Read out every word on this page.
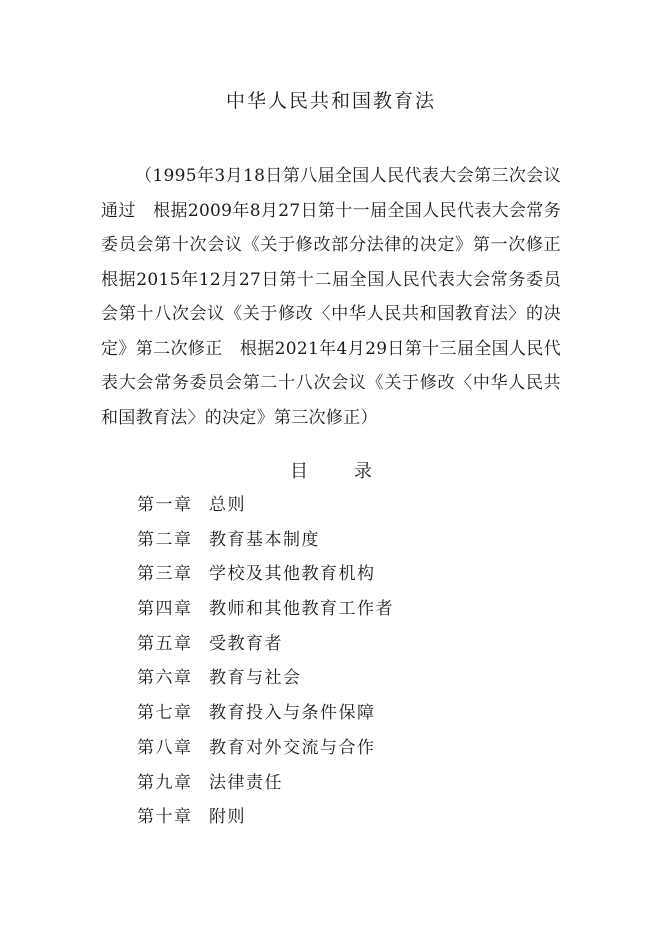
中华人民共和国教育法

（1995年3月18日第八届全国人民代表大会第三次会议通过　根据2009年8月27日第十一届全国人民代表大会常务委员会第十次会议《关于修改部分法律的决定》第一次修正　根据2015年12月27日第十二届全国人民代表大会常务委员会第十八次会议《关于修改〈中华人民共和国教育法〉的决定》第二次修正　根据2021年4月29日第十三届全国人民代表大会常务委员会第二十八次会议《关于修改〈中华人民共和国教育法〉的决定》第三次修正）

目	录
第一章 总则
第二章 教育基本制度
第三章 学校及其他教育机构
第四章 教师和其他教育工作者
第五章 受教育者
第六章 教育与社会
第七章 教育投入与条件保障
第八章 教育对外交流与合作
第九章 法律责任
第十章 附则
